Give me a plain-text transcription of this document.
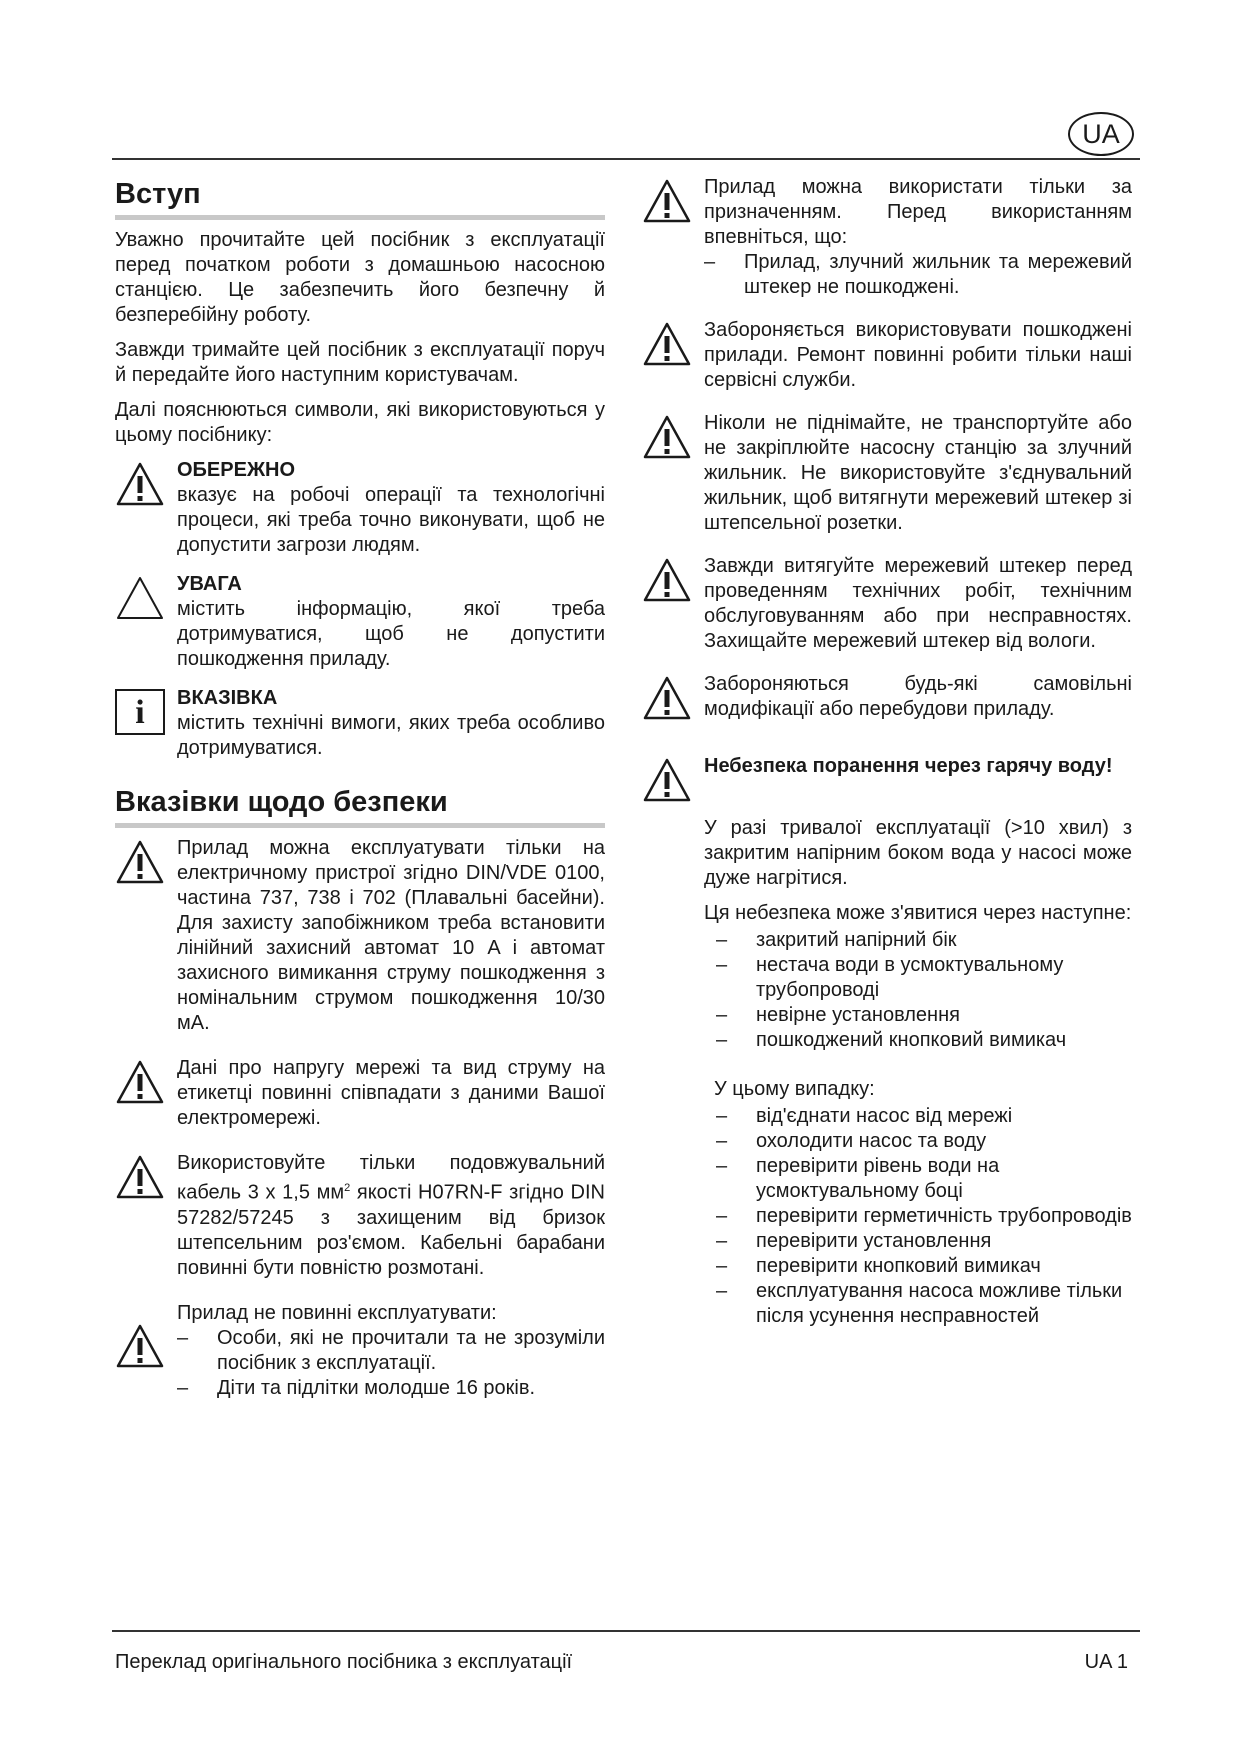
UA
Вступ

Уважно прочитайте цей посібник з експлуатації перед початком роботи з домашньою насосною станцією. Це забезпечить його безпечну й безперебійну роботу.

Завжди тримайте цей посібник з експлуатації поруч й передайте його наступним користувачам.

Далі пояснюються символи, які використовуються у цьому посібнику:

ОБЕРЕЖНО

вказує на робочі операції та технологічні процеси, які треба точно виконувати, щоб не допустити загрози людям.

УВАГА

містить інформацію, якої треба дотримуватися, щоб не допустити пошкодження приладу.

i	ВКАЗІВКА

містить технічні вимоги, яких треба особливо дотримуватися.

Вказівки щодо безпеки

Прилад можна експлуатувати тільки на електричному пристрої згідно DIN/VDE 0100, частина 737, 738 і 702 (Плавальні басейни). Для захисту запобіжником треба встановити лінійний захисний автомат 10 A і автомат захисного вимикання струму пошкодження з номінальним струмом пошкодження 10/30 мА.

Дані про напругу мережі та вид струму на етикетці повинні співпадати з даними Вашої електромережі.

Використовуйте тільки подовжувальний кабель 3 x 1,5 $мм^2$ якості H07RN-F згідно DIN 57282/57245 з захищеним від бризок штепсельним роз'ємом. Кабельні барабани повинні бути повністю розмотані.

Прилад не повинні експлуатувати:

–	Особи, які не прочитали та не зрозуміли посібник з експлуатації.
–	Діти та підлітки молодше 16 років.

Прилад можна використати тільки за призначенням. Перед використанням впевніться, що:

–	Прилад, злучний жильник та мережевий штекер не пошкоджені.

Забороняється використовувати пошкоджені прилади. Ремонт повинні робити тільки наші сервісні служби.

Ніколи не піднімайте, не транспортуйте або не закріплюйте насосну станцію за злучний жильник. Не використовуйте з'єднувальний жильник, щоб витягнути мережевий штекер зі штепсельної розетки.

Завжди витягуйте мережевий штекер перед проведенням технічних робіт, технічним обслуговуванням або при несправностях. Захищайте мережевий штекер від вологи.

Забороняються будь-які самовільні модифікації або перебудови приладу.

Небезпека поранення через гарячу воду!

У разі тривалої експлуатації (>10 хвил) з закритим напірним боком вода у насосі може дуже нагрітися.

Ця небезпека може з'явитися через наступне:

–	закритий напірний бік
–	нестача води в усмоктувальному трубопроводі
–	невірне установлення
–	пошкоджений кнопковий вимикач

У цьому випадку:

–	від'єднати насос від мережі
–	охолодити насос та воду
–	перевірити рівень води на усмоктувальному боці
–	перевірити герметичність трубопроводів
–	перевірити установлення
–	перевірити кнопковий вимикач
–	експлуатування насоса можливе тільки після усунення несправностей
Переклад оригінального посібника з експлуатації	UA 1
